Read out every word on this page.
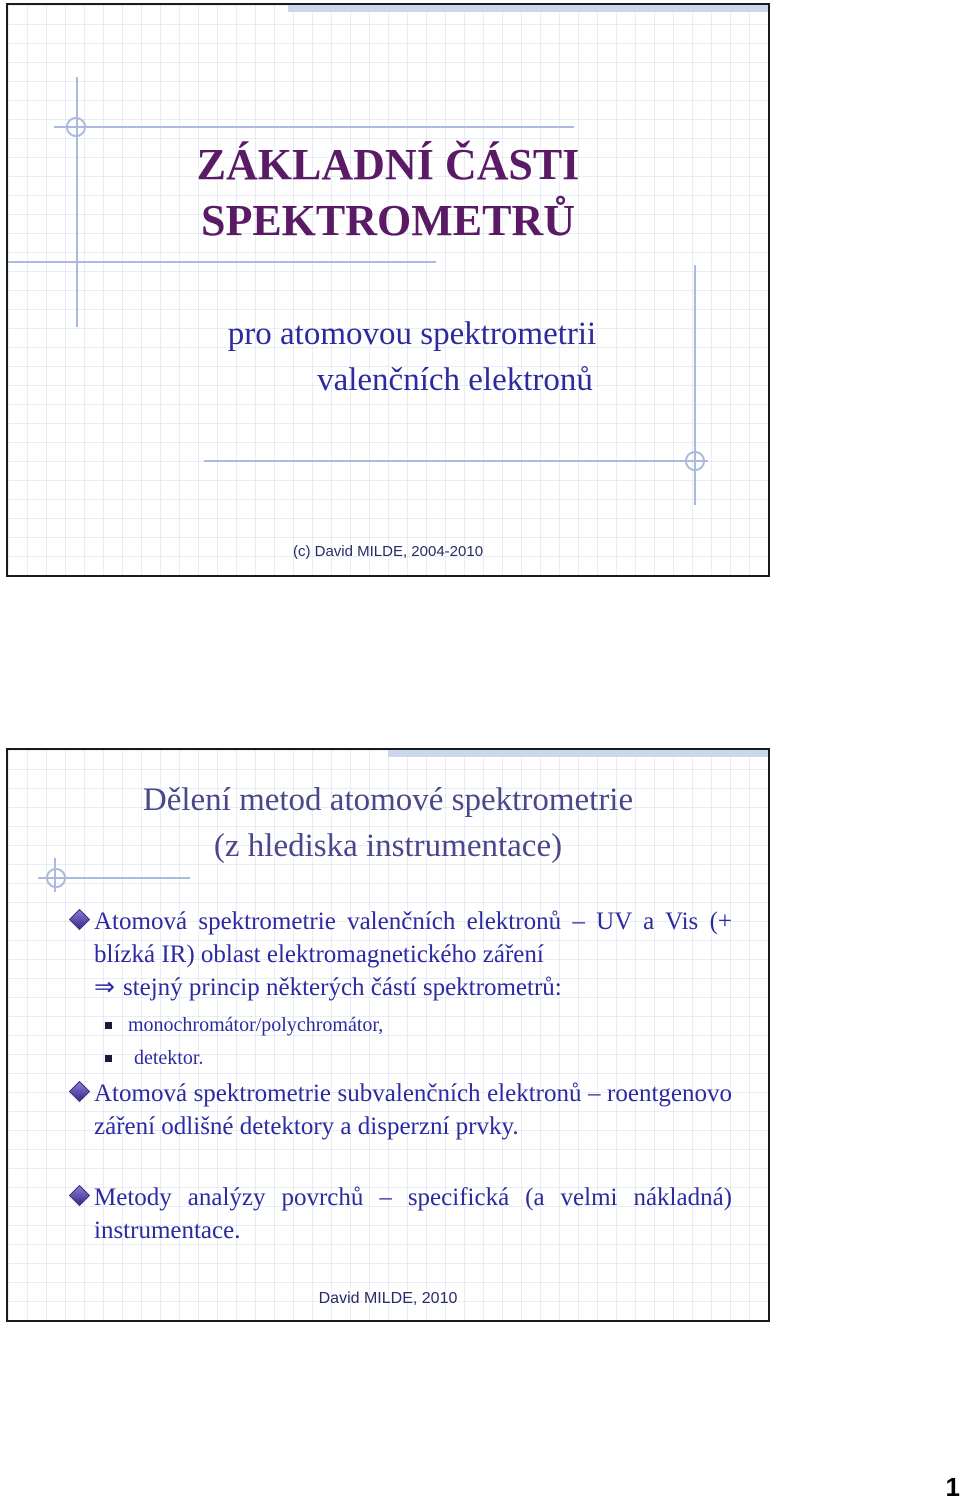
ZÁKLADNÍ ČÁSTI
SPEKTROMETRŮ
pro atomovou spektrometrii
valenčních elektronů
(c) David MILDE, 2004-2010
Dělení metod atomové spektrometrie
(z hlediska instrumentace)
Atomová spektrometrie valenčních elektronů – UV a Vis (+ blízká IR) oblast elektromagnetického záření
⇒ stejný princip některých částí spektrometrů:
monochromátor/polychromátor,
detektor.
Atomová spektrometrie subvalenčních elektronů – roentgenovo záření odlišné detektory a disperzní prvky.
Metody analýzy povrchů – specifická (a velmi nákladná) instrumentace.
David MILDE, 2010
1
